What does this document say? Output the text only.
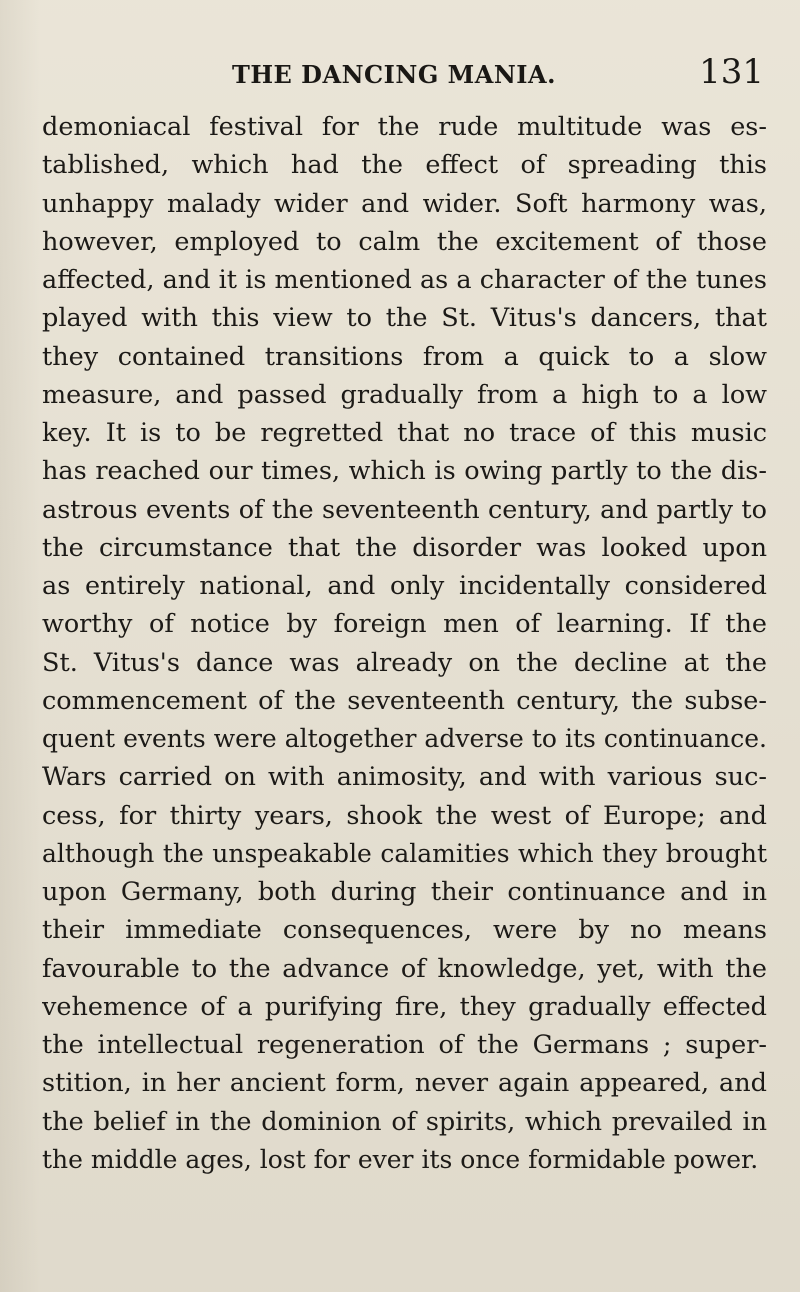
THE DANCING MANIA.	131
demoniacal festival for the rude multitude was es-
tablished, which had the effect of spreading this
unhappy malady wider and wider. Soft harmony was,
however, employed to calm the excitement of those
affected, and it is mentioned as a character of the tunes
played with this view to the St. Vitus's dancers, that
they contained transitions from a quick to a slow
measure, and passed gradually from a high to a low
key. It is to be regretted that no trace of this music
has reached our times, which is owing partly to the dis-
astrous events of the seventeenth century, and partly to
the circumstance that the disorder was looked upon
as entirely national, and only incidentally considered
worthy of notice by foreign men of learning. If the
St. Vitus's dance was already on the decline at the
commencement of the seventeenth century, the subse-
quent events were altogether adverse to its continuance.
Wars carried on with animosity, and with various suc-
cess, for thirty years, shook the west of Europe; and
although the unspeakable calamities which they brought
upon Germany, both during their continuance and in
their immediate consequences, were by no means
favourable to the advance of knowledge, yet, with the
vehemence of a purifying fire, they gradually effected
the intellectual regeneration of the Germans ; super-
stition, in her ancient form, never again appeared, and
the belief in the dominion of spirits, which prevailed in
the middle ages, lost for ever its once formidable power.
